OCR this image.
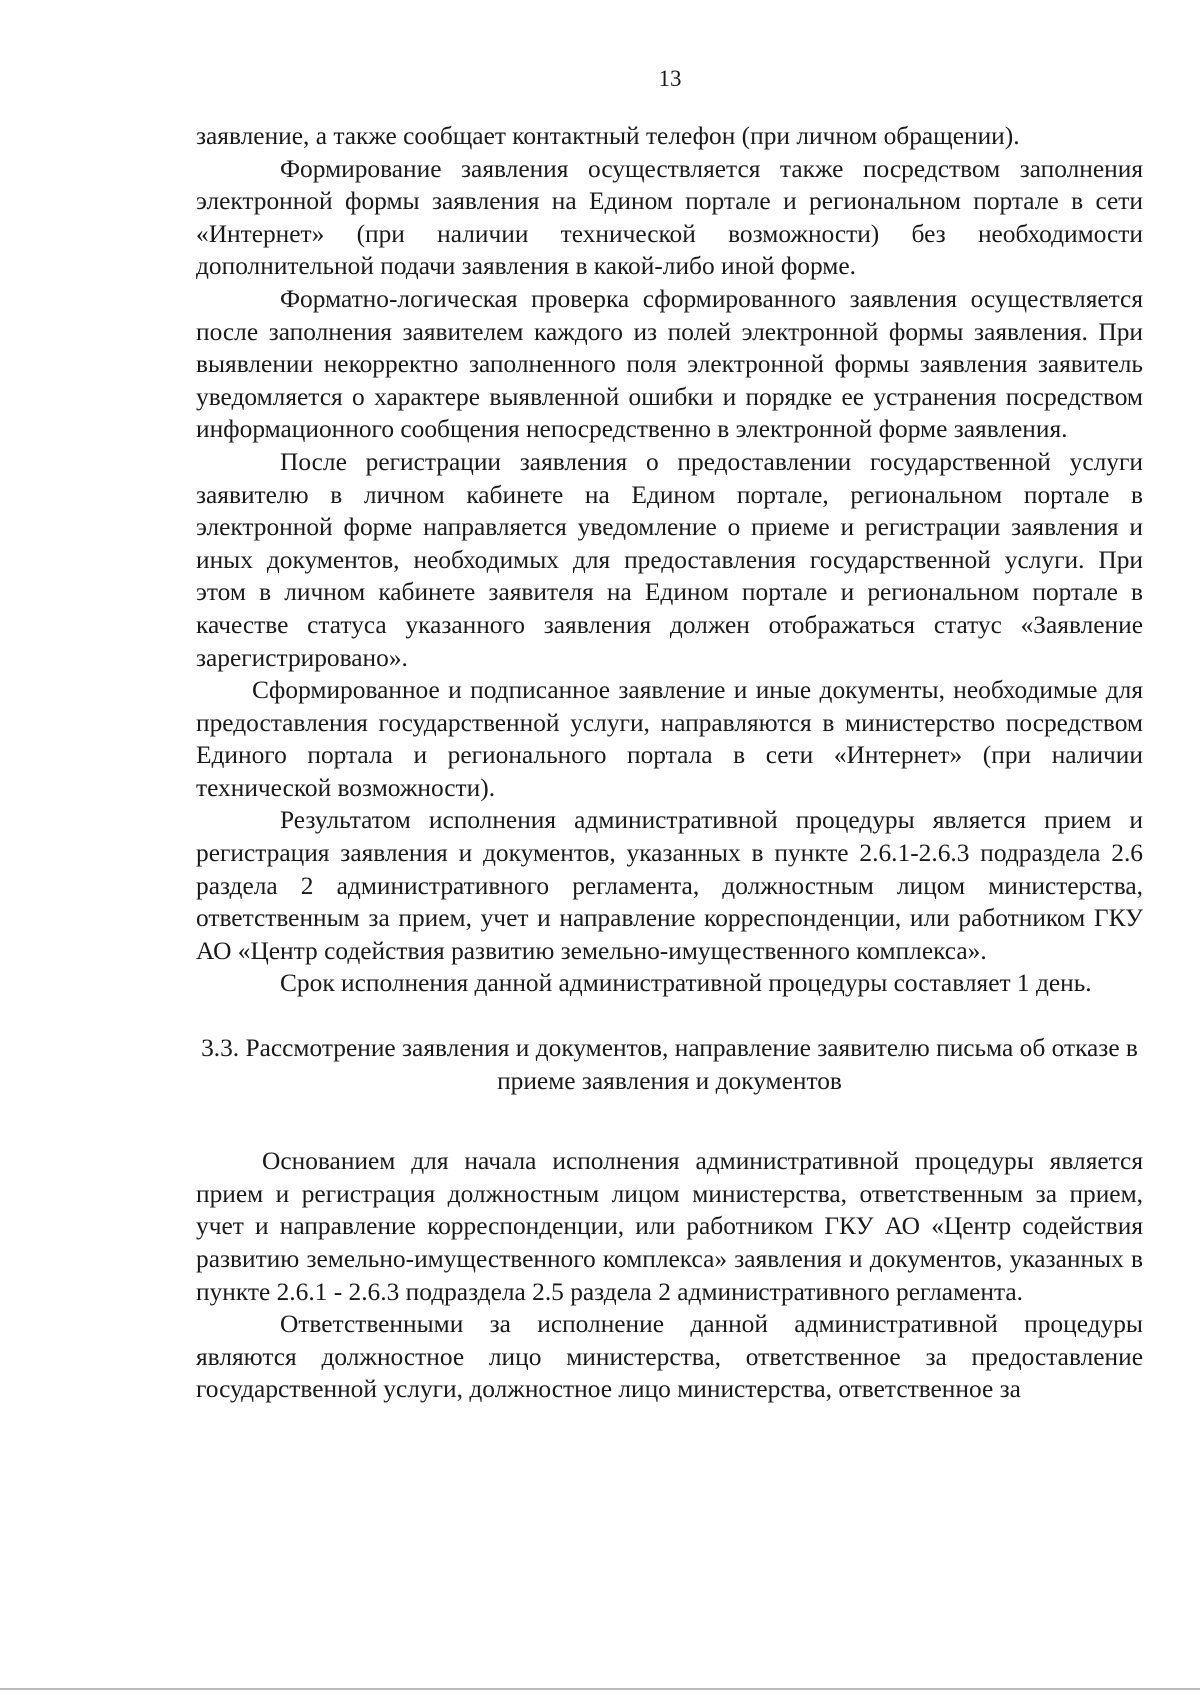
13

заявление, а также сообщает контактный телефон (при личном обращении).

Формирование заявления осуществляется также посредством заполнения электронной формы заявления на Едином портале и региональном портале в сети «Интернет» (при наличии технической возможности) без необходимости дополнительной подачи заявления в какой-либо иной форме.

Форматно-логическая проверка сформированного заявления осуществляется после заполнения заявителем каждого из полей электронной формы заявления. При выявлении некорректно заполненного поля электронной формы заявления заявитель уведомляется о характере выявленной ошибки и порядке ее устранения посредством информационного сообщения непосредственно в электронной форме заявления.

После регистрации заявления о предоставлении государственной услуги заявителю в личном кабинете на Едином портале, региональном портале в электронной форме направляется уведомление о приеме и регистрации заявления и иных документов, необходимых для предоставления государственной услуги. При этом в личном кабинете заявителя на Едином портале и региональном портале в качестве статуса указанного заявления должен отображаться статус «Заявление зарегистрировано».

Сформированное и подписанное заявление и иные документы, необходимые для предоставления государственной услуги, направляются в министерство посредством Единого портала и регионального портала в сети «Интернет» (при наличии технической возможности).

Результатом исполнения административной процедуры является прием и регистрация заявления и документов, указанных в пункте 2.6.1-2.6.3 подраздела 2.6 раздела 2 административного регламента, должностным лицом министерства, ответственным за прием, учет и направление корреспонденции, или работником ГКУ АО «Центр содействия развитию земельно-имущественного комплекса».

Срок исполнения данной административной процедуры составляет 1 день.

3.3. Рассмотрение заявления и документов, направление заявителю письма об отказе в приеме заявления и документов

Основанием для начала исполнения административной процедуры является прием и регистрация должностным лицом министерства, ответственным за прием, учет и направление корреспонденции, или работником ГКУ АО «Центр содействия развитию земельно-имущественного комплекса» заявления и документов, указанных в пункте 2.6.1 - 2.6.3 подраздела 2.5 раздела 2 административного регламента.

Ответственными за исполнение данной административной процедуры являются должностное лицо министерства, ответственное за предоставление государственной услуги, должностное лицо министерства, ответственное за
